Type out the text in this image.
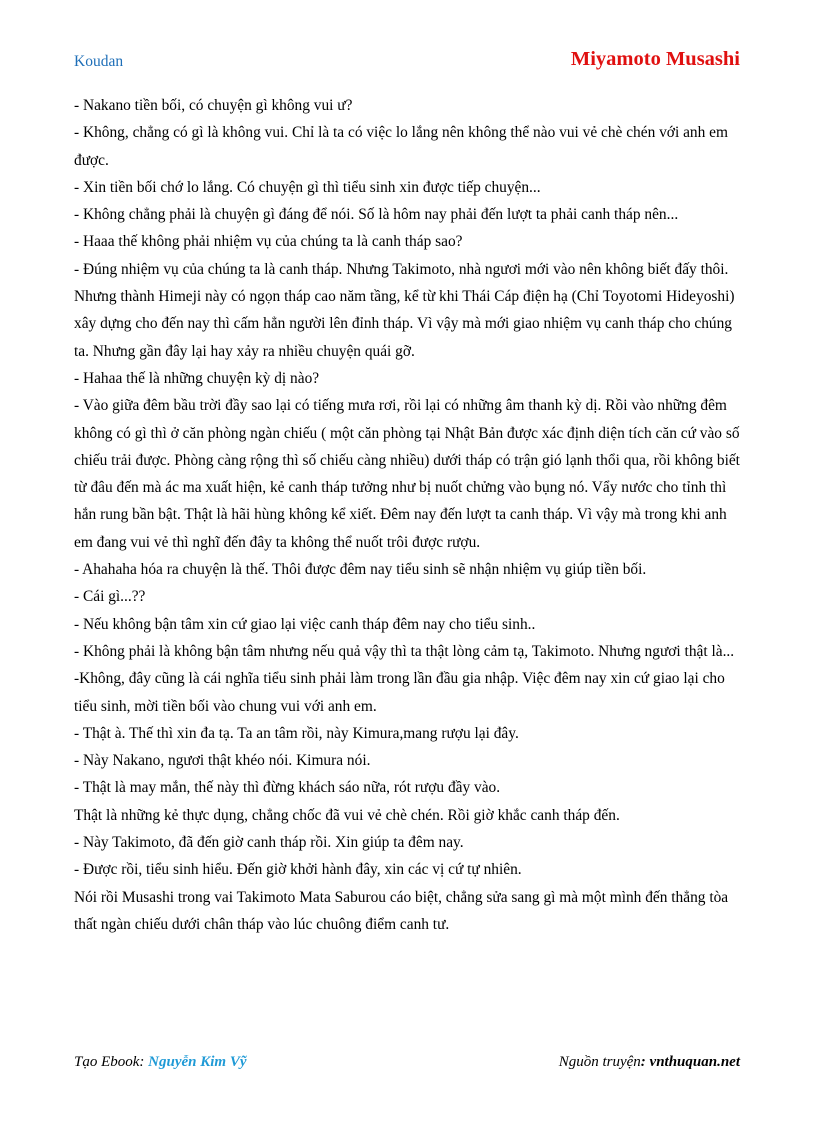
Koudan	Miyamoto Musashi

- Nakano tiền bối, có chuyện gì không vui ư?

- Không, chẳng có gì là không vui. Chỉ là ta có việc lo lắng nên không thể nào vui vẻ chè chén với anh em được.

- Xin tiền bối chớ lo lắng. Có chuyện gì thì tiểu sinh xin được tiếp chuyện...

- Không chẳng phải là chuyện gì đáng để nói. Số là hôm nay phải đến lượt ta phải canh tháp nên...

- Haaa thế không phải nhiệm vụ của chúng ta là canh tháp sao?

- Đúng nhiệm vụ của chúng ta là canh tháp. Nhưng Takimoto, nhà ngươi mới vào nên không biết đấy thôi. Nhưng thành Himeji này có ngọn tháp cao năm tầng, kể từ khi Thái Cáp điện hạ (Chỉ Toyotomi Hideyoshi) xây dựng cho đến nay thì cấm hẳn người lên đỉnh tháp. Vì vậy mà mới giao nhiệm vụ canh tháp cho chúng ta. Nhưng gần đây lại hay xảy ra nhiều chuyện quái gỡ.

- Hahaa thế là những chuyện kỳ dị nào?

- Vào giữa đêm bầu trời đầy sao lại có tiếng mưa rơi, rồi lại có những âm thanh kỳ dị. Rồi vào những đêm không có gì thì ở căn phòng ngàn chiếu ( một căn phòng tại Nhật Bản được xác định diện tích căn cứ vào số chiếu trải được. Phòng càng rộng thì số chiếu càng nhiều) dưới tháp có trận gió lạnh thổi qua, rồi không biết từ đâu đến mà ác ma xuất hiện, kẻ canh tháp tưởng như bị nuốt chửng vào bụng nó. Vẩy nước cho tỉnh thì hắn rung bần bật. Thật là hãi hùng không kể xiết. Đêm nay đến lượt ta canh tháp. Vì vậy mà trong khi anh em đang vui vẻ thì nghĩ đến đây ta không thể nuốt trôi được rượu.

- Ahahaha hóa ra chuyện là thế. Thôi được đêm nay tiểu sinh sẽ nhận nhiệm vụ giúp tiền bối.

- Cái gì...??

- Nếu không bận tâm xin cứ giao lại việc canh tháp đêm nay cho tiểu sinh..

- Không phải là không bận tâm nhưng nếu quả vậy thì ta thật lòng cảm tạ, Takimoto. Nhưng ngươi thật là...

-Không, đây cũng là cái nghĩa tiểu sinh phải làm trong lần đầu gia nhập. Việc đêm nay xin cứ giao lại cho tiểu sinh, mời tiền bối vào chung vui với anh em.

- Thật à. Thế thì xin đa tạ. Ta an tâm rồi, này Kimura,mang rượu lại đây.

- Này Nakano, ngươi thật khéo nói. Kimura nói.

- Thật là may mắn, thế này thì đừng khách sáo nữa, rót rượu đầy vào.

Thật là những kẻ thực dụng, chẳng chốc đã vui vẻ chè chén. Rồi giờ khắc canh tháp đến.

- Này Takimoto, đã đến giờ canh tháp rồi. Xin giúp ta đêm nay.

- Được rồi, tiểu sinh hiểu. Đến giờ khởi hành đây, xin các vị cứ tự nhiên.

Nói rồi Musashi trong vai Takimoto Mata Saburou cáo biệt, chẳng sửa sang gì mà một mình đến thẳng tòa thất ngàn chiếu dưới chân tháp vào lúc chuông điểm canh tư.

Tạo Ebook: Nguyễn Kim Vỹ	Nguồn truyện: vnthuquan.net
